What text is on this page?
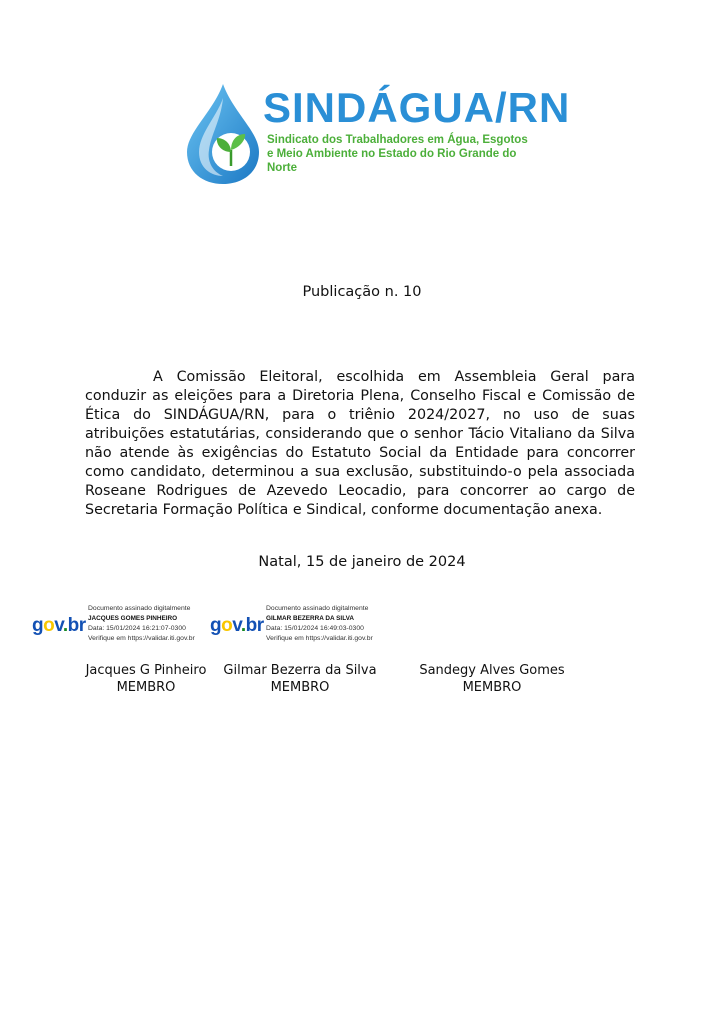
SINDÁGUA/RN
Sindicato dos Trabalhadores em Água, Esgotos
e Meio Ambiente no Estado do Rio Grande do Norte
Publicação n. 10
A Comissão Eleitoral, escolhida em Assembleia Geral para conduzir as eleições para a Diretoria Plena, Conselho Fiscal e Comissão de Ética do SINDÁGUA/RN, para o triênio 2024/2027, no uso de suas atribuições estatutárias, considerando que o senhor Tácio Vitaliano da Silva não atende às exigências do Estatuto Social da Entidade para concorrer como candidato, determinou a sua exclusão, substituindo-o pela associada Roseane Rodrigues de Azevedo Leocadio, para concorrer ao cargo de Secretaria Formação Política e Sindical, conforme documentação anexa.
Natal, 15 de janeiro de 2024
gov.br
Documento assinado digitalmente
JACQUES GOMES PINHEIRO
Data: 15/01/2024 16:21:07-0300
Verifique em https://validar.iti.gov.br
gov.br
Documento assinado digitalmente
GILMAR BEZERRA DA SILVA
Data: 15/01/2024 16:49:03-0300
Verifique em https://validar.iti.gov.br
Jacques G Pinheiro
MEMBRO
Gilmar Bezerra da Silva
MEMBRO
Sandegy Alves Gomes
MEMBRO
